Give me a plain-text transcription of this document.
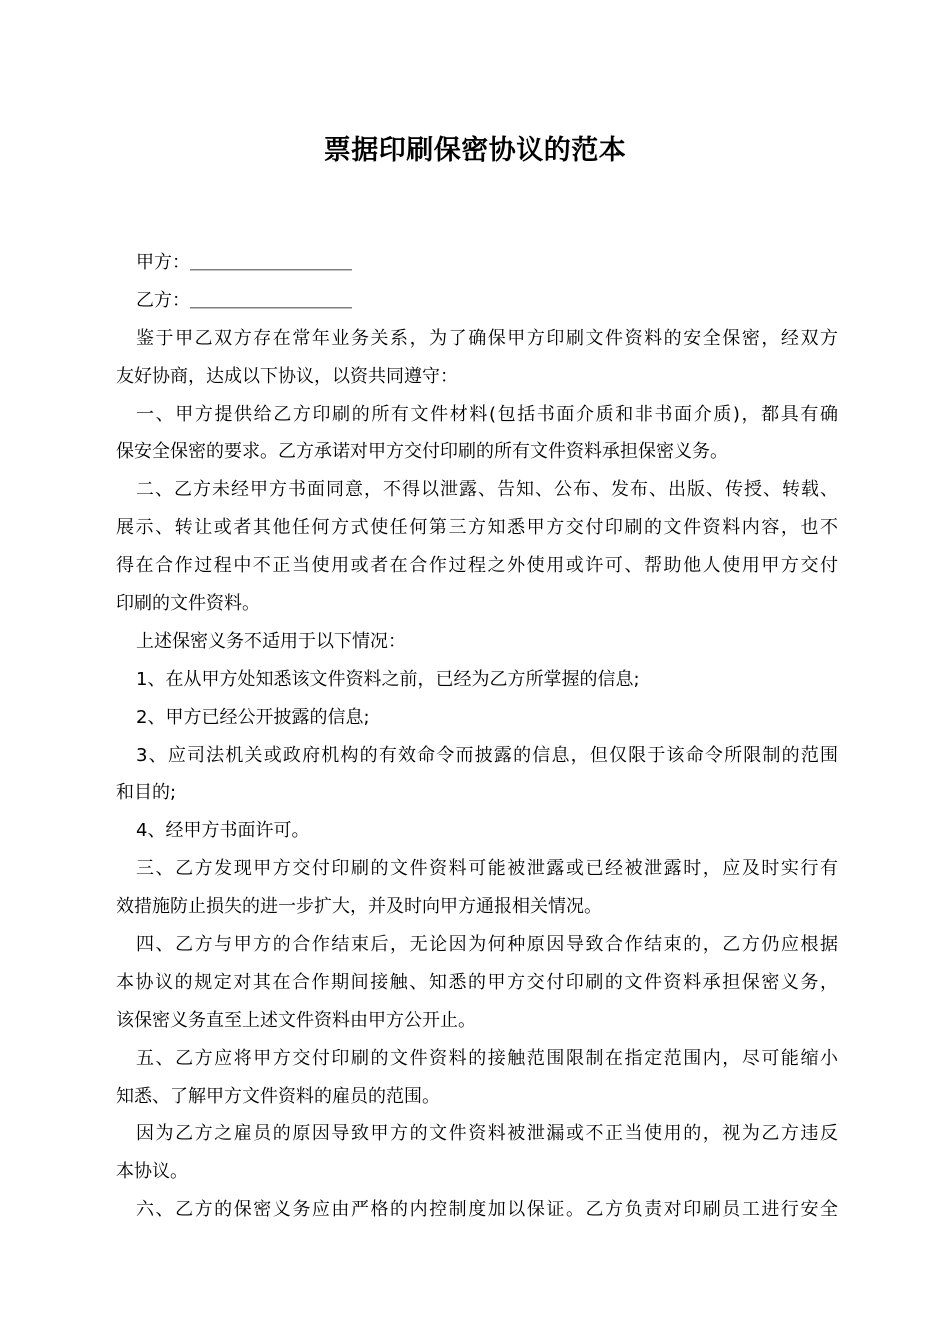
票据印刷保密协议的范本
甲方：＿＿＿＿＿＿＿＿＿
乙方：＿＿＿＿＿＿＿＿＿
鉴于甲乙双方存在常年业务关系，为了确保甲方印刷文件资料的安全保密，经双方
友好协商，达成以下协议，以资共同遵守：
一、甲方提供给乙方印刷的所有文件材料(包括书面介质和非书面介质)，都具有确
保安全保密的要求。乙方承诺对甲方交付印刷的所有文件资料承担保密义务。
二、乙方未经甲方书面同意，不得以泄露、告知、公布、发布、出版、传授、转载、
展示、转让或者其他任何方式使任何第三方知悉甲方交付印刷的文件资料内容，也不
得在合作过程中不正当使用或者在合作过程之外使用或许可、帮助他人使用甲方交付
印刷的文件资料。
上述保密义务不适用于以下情况：
1、在从甲方处知悉该文件资料之前，已经为乙方所掌握的信息;
2、甲方已经公开披露的信息;
3、应司法机关或政府机构的有效命令而披露的信息，但仅限于该命令所限制的范围
和目的;
4、经甲方书面许可。
三、乙方发现甲方交付印刷的文件资料可能被泄露或已经被泄露时，应及时实行有
效措施防止损失的进一步扩大，并及时向甲方通报相关情况。
四、乙方与甲方的合作结束后，无论因为何种原因导致合作结束的，乙方仍应根据
本协议的规定对其在合作期间接触、知悉的甲方交付印刷的文件资料承担保密义务，
该保密义务直至上述文件资料由甲方公开止。
五、乙方应将甲方交付印刷的文件资料的接触范围限制在指定范围内，尽可能缩小
知悉、了解甲方文件资料的雇员的范围。
因为乙方之雇员的原因导致甲方的文件资料被泄漏或不正当使用的，视为乙方违反
本协议。
六、乙方的保密义务应由严格的内控制度加以保证。乙方负责对印刷员工进行安全
